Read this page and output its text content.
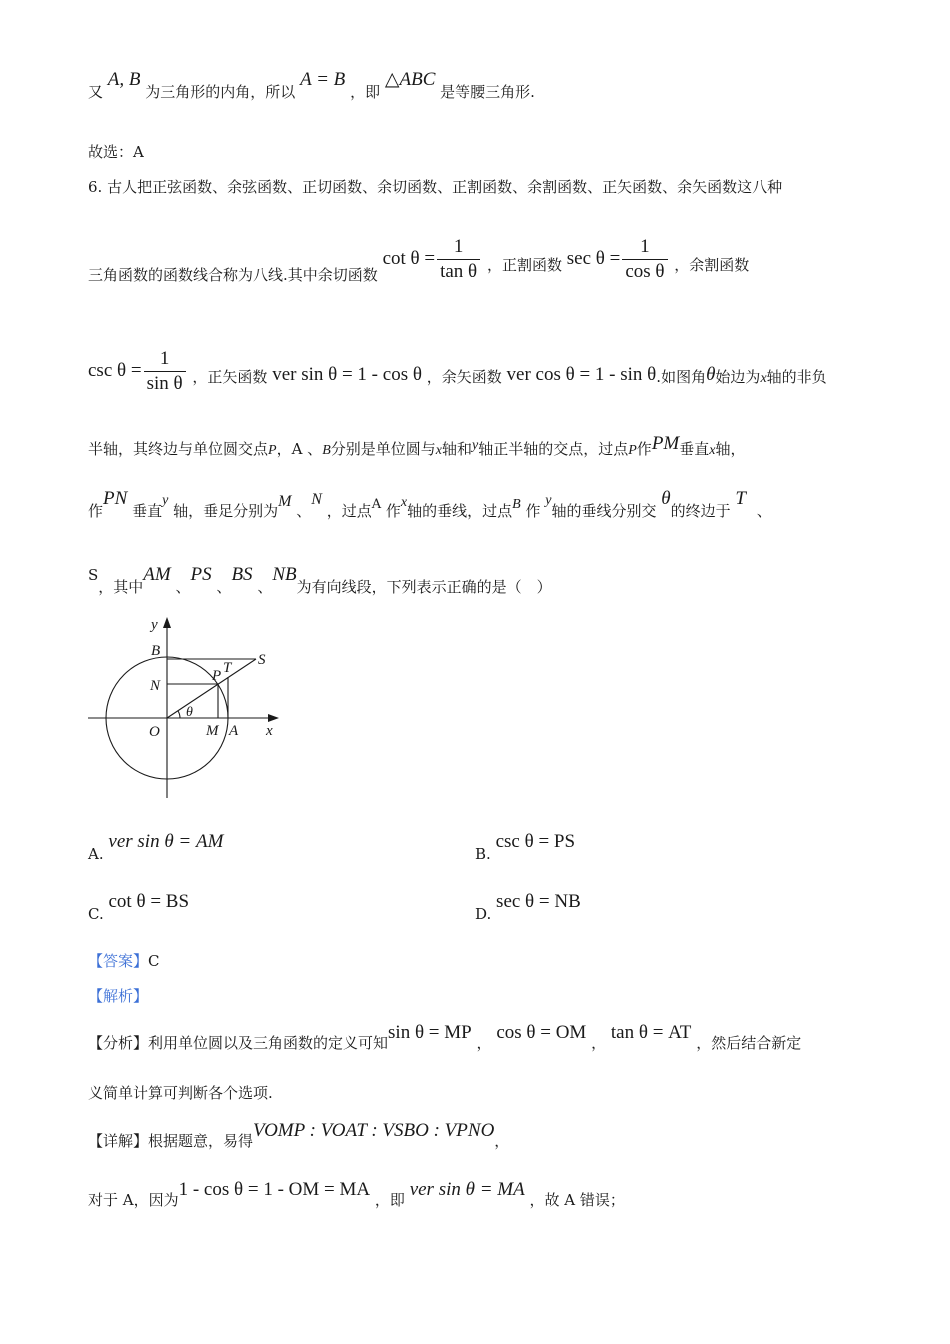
又 A, B 为三角形的内角，所以 A = B ，即 △ABC 是等腰三角形.
故选：A
6. 古人把正弦函数、余弦函数、正切函数、余切函数、正割函数、余割函数、正矢函数、余矢函数这八种
三角函数的函数线合称为八线.其中余切函数 $\cot \theta = \frac{1}{\text{tan θ}}$ ，正割函数 $\sec \theta = \frac{1}{\text{cos θ}}$ ，余割函数
$\csc \theta = \frac{1}{\text{sin θ}}$ ，正矢函数 ver sin θ = 1 - cos θ ，余矢函数 ver cos θ = 1 - sin θ.如图角θ始边为x轴的非负
半轴，其终边与单位圆交点P，A 、B分别是单位圆与x轴和y轴正半轴的交点，过点P作PM垂直x轴，
作PN 垂直y 轴，垂足分别为M 、N ，过点A 作x轴的垂线，过点B 作 y轴的垂线分别交 θ的终边于 T 、
S，其中AM 、PS 、BS 、NB为有向线段，下列表示正确的是（　）
y
x
B
N
O	M A
P T S
θ
A. ver sin θ = AM
B. csc θ = PS
C. cot θ = BS
D. sec θ = NB
【答案】C
【解析】
【分析】利用单位圆以及三角函数的定义可知sin θ = MP ， cos θ = OM ， tan θ = AT ，然后结合新定
义简单计算可判断各个选项.
【详解】根据题意，易得VOMP : VOAT : VSBO : VPNO，
对于 A，因为1 - cos θ = 1 - OM = MA ，即 ver sin θ = MA ，故 A 错误；
